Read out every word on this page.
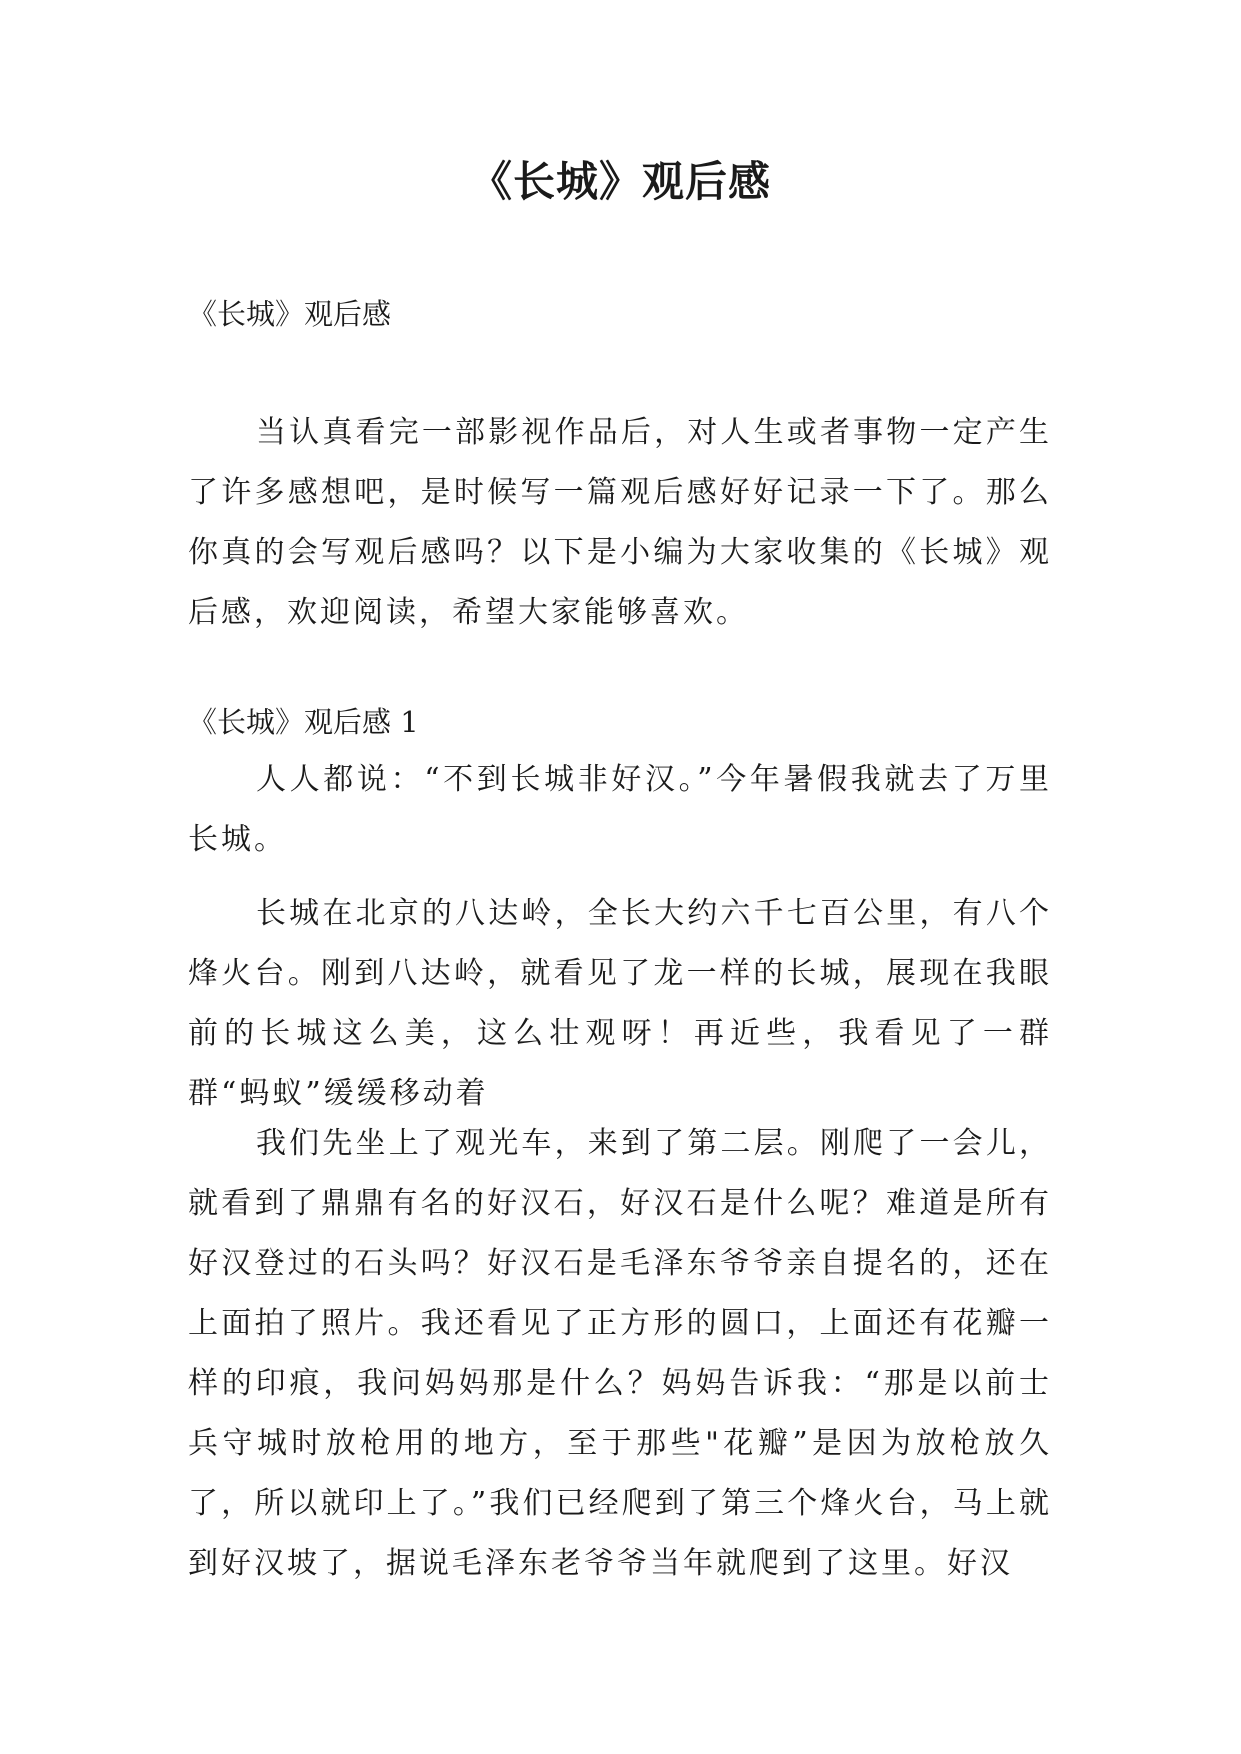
《长城》观后感
《长城》观后感

当认真看完一部影视作品后，对人生或者事物一定产生了许多感想吧，是时候写一篇观后感好好记录一下了。那么你真的会写观后感吗？以下是小编为大家收集的《长城》观后感，欢迎阅读，希望大家能够喜欢。

《长城》观后感 1

人人都说：“不到长城非好汉。”今年暑假我就去了万里长城。

长城在北京的八达岭，全长大约六千七百公里，有八个烽火台。刚到八达岭，就看见了龙一样的长城，展现在我眼前的长城这么美，这么壮观呀！再近些，我看见了一群群“蚂蚁”缓缓移动着

我们先坐上了观光车，来到了第二层。刚爬了一会儿，就看到了鼎鼎有名的好汉石，好汉石是什么呢？难道是所有好汉登过的石头吗？好汉石是毛泽东爷爷亲自提名的，还在上面拍了照片。我还看见了正方形的圆口，上面还有花瓣一样的印痕，我问妈妈那是什么？妈妈告诉我：“那是以前士兵守城时放枪用的地方，至于那些"花瓣”是因为放枪放久了，所以就印上了。”我们已经爬到了第三个烽火台，马上就到好汉坡了，据说毛泽东老爷爷当年就爬到了这里。好汉
